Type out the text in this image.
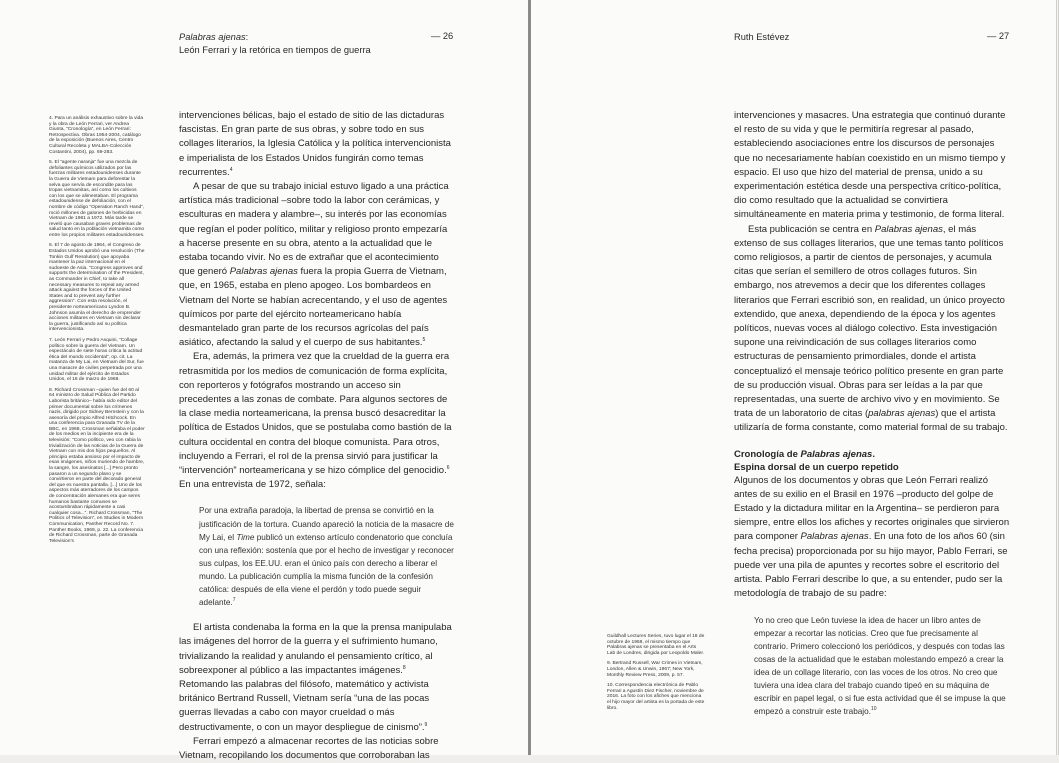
Palabras ajenas:
León Ferrari y la retórica en tiempos de guerra
— 26

4. Para un análisis exhaustivo sobre la vida y la obra de León Ferrari, ver Andrea Giunta, “Cronología”, en León Ferrari: Retrospectiva. Obras 1954-2004, catálogo de la exposición (Buenos Aires, Centro Cultural Recoleta y MALBA-Colección Costantini, 2004), pp. 69-283.

5. El “agente naranja” fue una mezcla de defoliantes químicos utilizados por las fuerzas militares estadounidenses durante la Guerra de Vietnam para deforestar la selva que servía de escondite para las tropas vietnamitas, así como los cultivos con los que se alimentaban. El programa estadounidense de defoliación, con el nombre de código “Operation Ranch Hand”, roció millones de galones de herbicidas en Vietnam de 1961 a 1972. Más tarde se reveló que causaban graves problemas de salud tanto en la población vietnamita como entre los propios militares estadounidenses.

6. El 7 de agosto de 1964, el Congreso de Estados Unidos aprobó una resolución (The Tonkin Gulf Resolution) que apoyaba mantener la paz internacional en el sudoeste de Asia. “Congress approves and supports the determination of the President, as Commander in Chief, to take all necessary measures to repeal any armed attack against the forces of the United States and to prevent any further aggression”. Con esta resolución, el presidente norteamericano Lyndon B. Johnson asumía el derecho de emprender acciones militares en Vietnam sin declarar la guerra, justificando así su política intervencionista.

7. León Ferrari y Pedro Asquini, “Collage político sobre la guerra del Vietnam. Un espectáculo de siete horas critica la actitud ética del mundo occidental”, op. cit. La matanza de My Lai, en Vietnam del Sur, fue una masacre de civiles perpetrada por una unidad militar del ejército de Estados Unidos, el 16 de marzo de 1968.

8. Richard Crossman –quien fue del 60 al 64 ministro de Salud Pública del Partido Laborista británico– había sido editor del primer documental sobre los crímenes nazis, dirigido por Sidney Bernstein y con la asesoría del propio Alfred Hitchcock. En una conferencia para Granada TV de la BBC, en 1968, Crossman señalaba el poder de los medios en la incipiente era de la televisión: “Como político, veo con rabia la trivialización de las noticias de la Guerra de Vietnam con mis dos hijos pequeños. Al principio estaba ansioso por el impacto de esas imágenes, niños muriendo de hambre, la sangre, los asesinatos [...] Pero pronto pasaron a un segundo plano y se convirtieron en parte del decorado general del que es nuestra pantalla. [...] Uno de los aspectos más aterradores de los campos de concentración alemanes era que seres humanos bastante comunes se acostumbraban rápidamente a casi cualquier cosa...”. Richard Crossman, “The Politics of Television”, en Studies in Modern Communication, Panther Record No. 7. Panther Books, 1969, p. 22. La conferencia de Richard Crossman, parte de Granada Television’s

intervenciones bélicas, bajo el estado de sitio de las dictaduras fascistas. En gran parte de sus obras, y sobre todo en sus collages literarios, la Iglesia Católica y la política intervencionista e imperialista de los Estados Unidos fungirán como temas recurrentes.$^4$

A pesar de que su trabajo inicial estuvo ligado a una práctica artística más tradicional –sobre todo la labor con cerámicas, y esculturas en madera y alambre–, su interés por las economías que regían el poder político, militar y religioso pronto empezaría a hacerse presente en su obra, atento a la actualidad que le estaba tocando vivir. No es de extrañar que el acontecimiento que generó Palabras ajenas fuera la propia Guerra de Vietnam, que, en 1965, estaba en pleno apogeo. Los bombardeos en Vietnam del Norte se habían acrecentando, y el uso de agentes químicos por parte del ejército norteamericano había desmantelado gran parte de los recursos agrícolas del país asiático, afectando la salud y el cuerpo de sus habitantes.$^5$

Era, además, la primera vez que la crueldad de la guerra era retrasmitida por los medios de comunicación de forma explícita, con reporteros y fotógrafos mostrando un acceso sin precedentes a las zonas de combate. Para algunos sectores de la clase media norteamericana, la prensa buscó desacreditar la política de Estados Unidos, que se postulaba como bastión de la cultura occidental en contra del bloque comunista. Para otros, incluyendo a Ferrari, el rol de la prensa sirvió para justificar la “intervención” norteamericana y se hizo cómplice del genocidio.$^6$ En una entrevista de 1972, señala:

Por una extraña paradoja, la libertad de prensa se convirtió en la justificación de la tortura. Cuando apareció la noticia de la masacre de My Lai, el Time publicó un extenso artículo condenatorio que concluía con una reflexión: sostenía que por el hecho de investigar y reconocer sus culpas, los EE.UU. eran el único país con derecho a liberar el mundo. La publicación cumplía la misma función de la confesión católica: después de ella viene el perdón y todo puede seguir adelante.$^7$

El artista condenaba la forma en la que la prensa manipulaba las imágenes del horror de la guerra y el sufrimiento humano, trivializando la realidad y anulando el pensamiento crítico, al sobreexponer al público a las impactantes imágenes.$^8$ Retomando las palabras del filósofo, matemático y activista británico Bertrand Russell, Vietnam sería “una de las pocas guerras llevadas a cabo con mayor crueldad o más destructivamente, o con un mayor despliegue de cinismo”.$^9$

Ferrari empezó a almacenar recortes de las noticias sobre Vietnam, recopilando los documentos que corroboraban las

Ruth Estévez	— 27

intervenciones y masacres. Una estrategia que continuó durante el resto de su vida y que le permitiría regresar al pasado, estableciendo asociaciones entre los discursos de personajes que no necesariamente habían coexistido en un mismo tiempo y espacio. El uso que hizo del material de prensa, unido a su experimentación estética desde una perspectiva crítico-política, dio como resultado que la actualidad se convirtiera simultáneamente en materia prima y testimonio, de forma literal.

Esta publicación se centra en Palabras ajenas, el más extenso de sus collages literarios, que une temas tanto políticos como religiosos, a partir de cientos de personajes, y acumula citas que serían el semillero de otros collages futuros. Sin embargo, nos atrevemos a decir que los diferentes collages literarios que Ferrari escribió son, en realidad, un único proyecto extendido, que anexa, dependiendo de la época y los agentes políticos, nuevas voces al diálogo colectivo. Esta investigación supone una reivindicación de sus collages literarios como estructuras de pensamiento primordiales, donde el artista conceptualizó el mensaje teórico político presente en gran parte de su producción visual. Obras para ser leídas a la par que representadas, una suerte de archivo vivo y en movimiento. Se trata de un laboratorio de citas (palabras ajenas) que el artista utilizaría de forma constante, como material formal de su trabajo.

Cronología de Palabras ajenas.
Espina dorsal de un cuerpo repetido

Algunos de los documentos y obras que León Ferrari realizó antes de su exilio en el Brasil en 1976 –producto del golpe de Estado y la dictadura militar en la Argentina– se perdieron para siempre, entre ellos los afiches y recortes originales que sirvieron para componer Palabras ajenas. En una foto de los años 60 (sin fecha precisa) proporcionada por su hijo mayor, Pablo Ferrari, se puede ver una pila de apuntes y recortes sobre el escritorio del artista. Pablo Ferrari describe lo que, a su entender, pudo ser la metodología de trabajo de su padre:

Yo no creo que León tuviese la idea de hacer un libro antes de empezar a recortar las noticias. Creo que fue precisamente al contrario. Primero coleccionó los periódicos, y después con todas las cosas de la actualidad que le estaban molestando empezó a crear la idea de un collage literario, con las voces de los otros. No creo que tuviera una idea clara del trabajo cuando tipeó en su máquina de escribir en papel legal, o si fue esta actividad que él se impuse la que empezó a construir este trabajo.$^{10}$

Guildhall Lectures Series, tuvo lugar el 18 de octubre de 1968, el mismo tiempo que Palabras ajenas se presentaba en el Arts Lab de Londres, dirigida por Leopoldo Maler.

9. Bertrand Russell, War Crimes in Vietnam, London, Allen & Unwin, 1967; New York, Monthly Review Press, 2009, p. 57.

10. Correspondencia electrónica de Pablo Ferrari a Agustín Diez Fischer, noviembre de 2016. La foto con los afiches que menciona el hijo mayor del artista es la portada de este libro.
